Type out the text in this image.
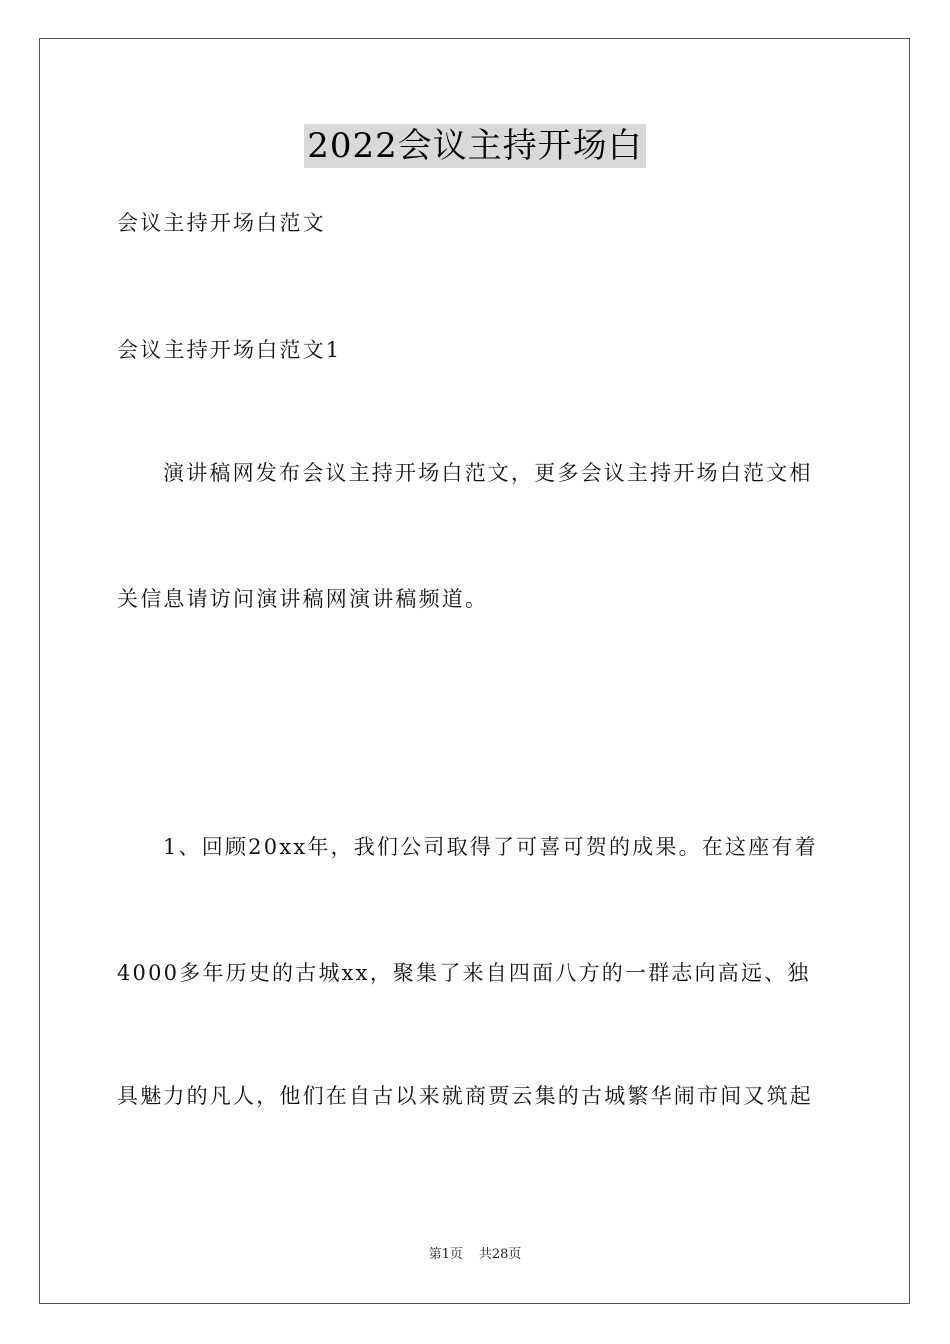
2022会议主持开场白
会议主持开场白范文
会议主持开场白范文1
演讲稿网发布会议主持开场白范文，更多会议主持开场白范文相
关信息请访问演讲稿网演讲稿频道。
1、回顾20xx年，我们公司取得了可喜可贺的成果。在这座有着
4000多年历史的古城xx，聚集了来自四面八方的一群志向高远、独
具魅力的凡人，他们在自古以来就商贾云集的古城繁华闹市间又筑起
第1页 共28页
